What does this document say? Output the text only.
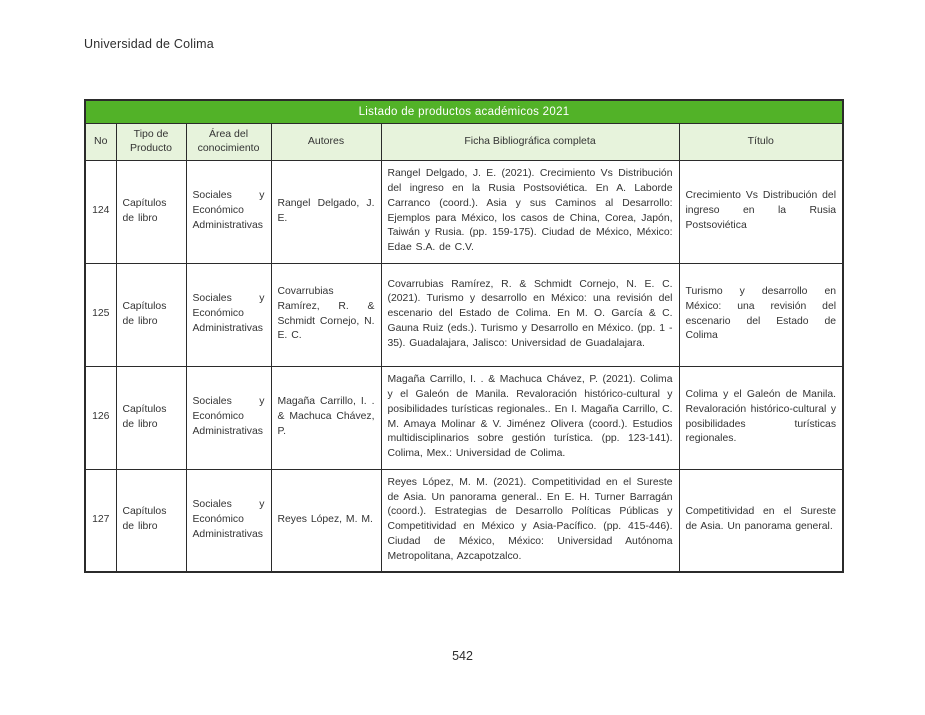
Universidad de Colima
Listado de productos académicos 2021					
No	Tipo de Producto	Área del conocimiento	Autores	Ficha Bibliográfica completa	Título
124	Capítulos de libro	Sociales y Económico Administrativas	Rangel Delgado, J. E.	Rangel Delgado, J. E. (2021). Crecimiento Vs Distribución del ingreso en la Rusia Postsoviética. En A. Laborde Carranco (coord.). Asia y sus Caminos al Desarrollo: Ejemplos para México, los casos de China, Corea, Japón, Taiwán y Rusia. (pp. 159-175). Ciudad de México, México: Edae S.A. de C.V.	Crecimiento Vs Distribución del ingreso en la Rusia Postsoviética
125	Capítulos de libro	Sociales y Económico Administrativas	Covarrubias Ramírez, R. & Schmidt Cornejo, N. E. C.	Covarrubias Ramírez, R. & Schmidt Cornejo, N. E. C. (2021). Turismo y desarrollo en México: una revisión del escenario del Estado de Colima. En M. O. García & C. Gauna Ruiz (eds.). Turismo y Desarrollo en México. (pp. 1 - 35). Guadalajara, Jalisco: Universidad de Guadalajara.	Turismo y desarrollo en México: una revisión del escenario del Estado de Colima
126	Capítulos de libro	Sociales y Económico Administrativas	Magaña Carrillo, I. . & Machuca Chávez, P.	Magaña Carrillo, I. . & Machuca Chávez, P. (2021). Colima y el Galeón de Manila. Revaloración histórico-cultural y posibilidades turísticas regionales.. En I. Magaña Carrillo, C. M. Amaya Molinar & V. Jiménez Olivera (coord.). Estudios multidisciplinarios sobre gestión turística. (pp. 123-141). Colima, Mex.: Universidad de Colima.	Colima y el Galeón de Manila. Revaloración histórico-cultural y posibilidades turísticas regionales.
127	Capítulos de libro	Sociales y Económico Administrativas	Reyes López, M. M.	Reyes López, M. M. (2021). Competitividad en el Sureste de Asia. Un panorama general.. En E. H. Turner Barragán (coord.). Estrategias de Desarrollo Políticas Públicas y Competitividad en México y Asia-Pacífico. (pp. 415-446). Ciudad de México, México: Universidad Autónoma Metropolitana, Azcapotzalco.	Competitividad en el Sureste de Asia. Un panorama general.
542
